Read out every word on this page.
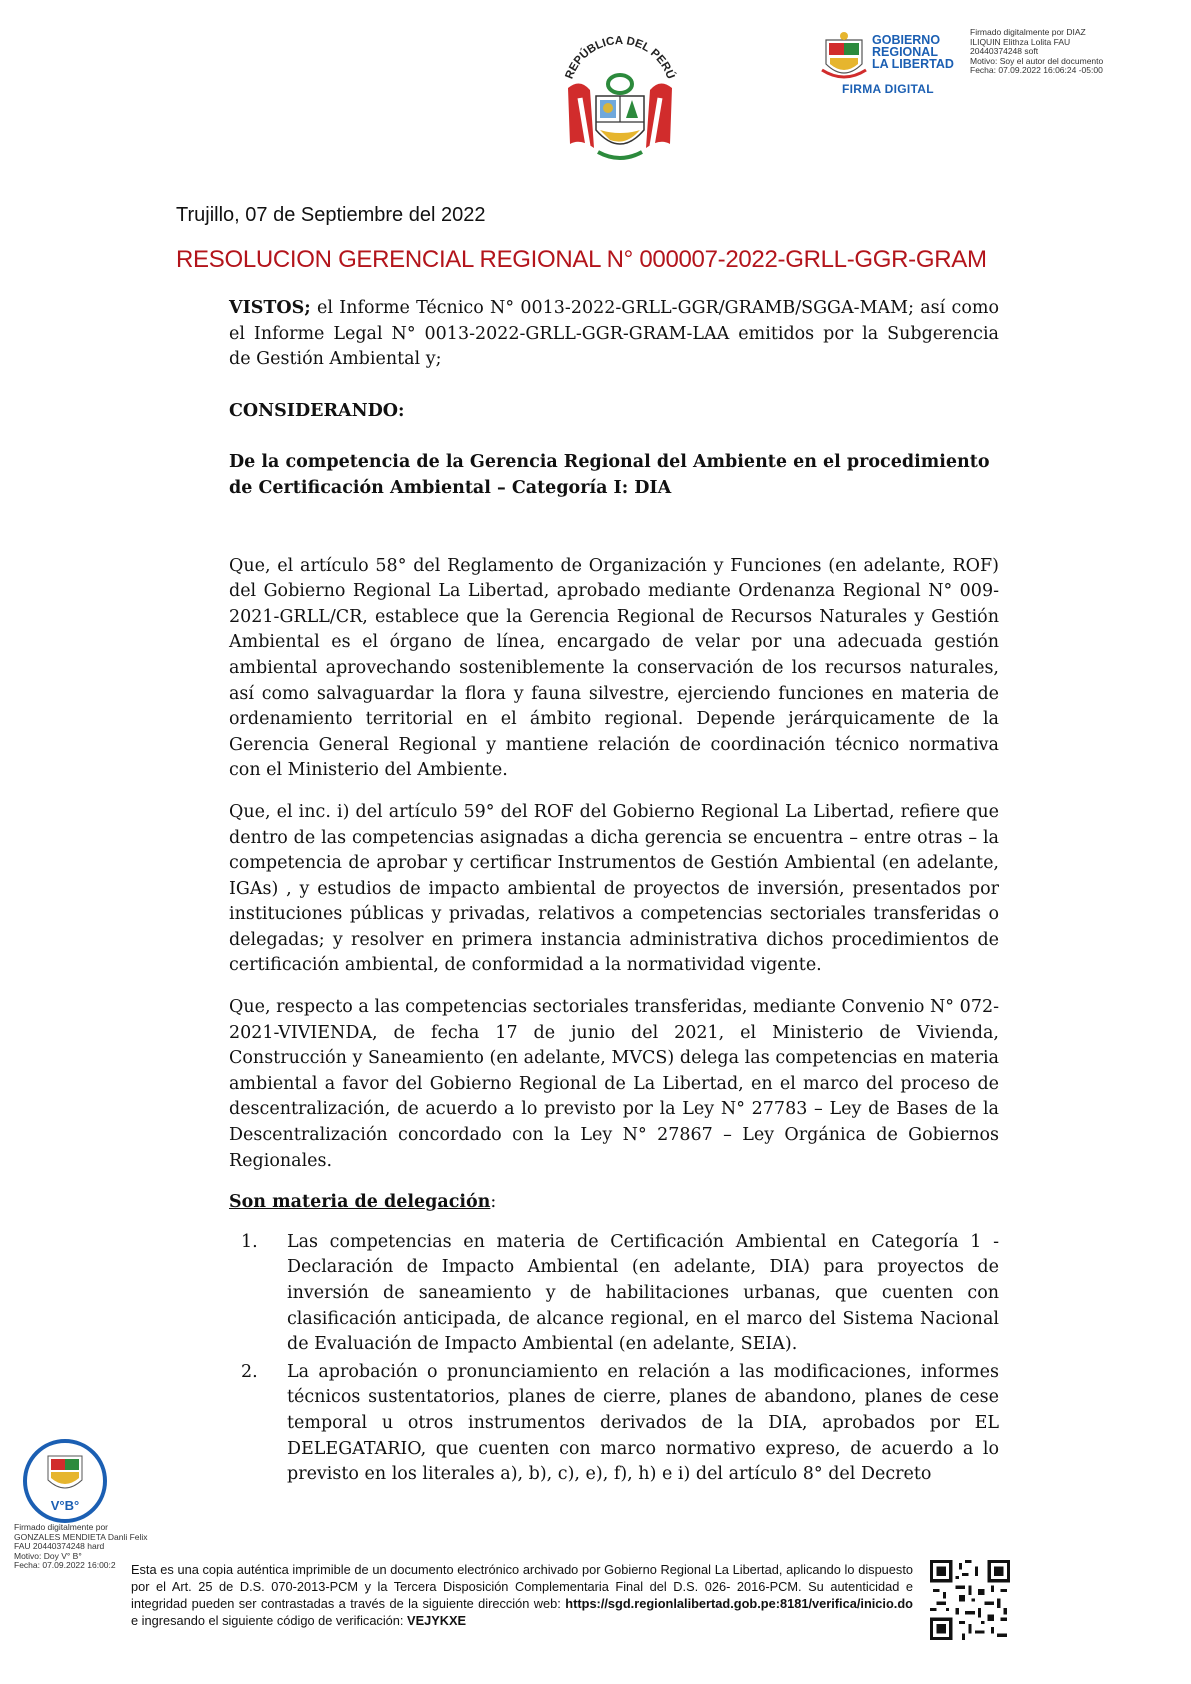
REPÚBLICA DEL PERÚ
GOBIERNO
REGIONAL
LA LIBERTAD
FIRMA DIGITAL
Firmado digitalmente por DIAZ
ILIQUIN Elithza Lolita FAU
20440374248 soft
Motivo: Soy el autor del documento
Fecha: 07.09.2022 16:06:24 -05:00
Trujillo, 07 de Septiembre del 2022
RESOLUCION GERENCIAL REGIONAL N° 000007-2022-GRLL-GGR-GRAM

VISTOS; el Informe Técnico N° 0013-2022-GRLL-GGR/GRAMB/SGGA-MAM; así como el Informe Legal N° 0013-2022-GRLL-GGR-GRAM-LAA emitidos por la Subgerencia de Gestión Ambiental y;

CONSIDERANDO:

De la competencia de la Gerencia Regional del Ambiente en el procedimiento de Certificación Ambiental – Categoría I: DIA

Que, el artículo 58° del Reglamento de Organización y Funciones (en adelante, ROF) del Gobierno Regional La Libertad, aprobado mediante Ordenanza Regional N° 009-2021-GRLL/CR, establece que la Gerencia Regional de Recursos Naturales y Gestión Ambiental es el órgano de línea, encargado de velar por una adecuada gestión ambiental aprovechando sosteniblemente la conservación de los recursos naturales, así como salvaguardar la flora y fauna silvestre, ejerciendo funciones en materia de ordenamiento territorial en el ámbito regional. Depende jerárquicamente de la Gerencia General Regional y mantiene relación de coordinación técnico normativa con el Ministerio del Ambiente.

Que, el inc. i) del artículo 59° del ROF del Gobierno Regional La Libertad, refiere que dentro de las competencias asignadas a dicha gerencia se encuentra – entre otras – la competencia de aprobar y certificar Instrumentos de Gestión Ambiental (en adelante, IGAs) , y estudios de impacto ambiental de proyectos de inversión, presentados por instituciones públicas y privadas, relativos a competencias sectoriales transferidas o delegadas; y resolver en primera instancia administrativa dichos procedimientos de certificación ambiental, de conformidad a la normatividad vigente.

Que, respecto a las competencias sectoriales transferidas, mediante Convenio N° 072-2021-VIVIENDA, de fecha 17 de junio del 2021, el Ministerio de Vivienda, Construcción y Saneamiento (en adelante, MVCS) delega las competencias en materia ambiental a favor del Gobierno Regional de La Libertad, en el marco del proceso de descentralización, de acuerdo a lo previsto por la Ley N° 27783 – Ley de Bases de la Descentralización concordado con la Ley N° 27867 – Ley Orgánica de Gobiernos Regionales.

Son materia de delegación:

1. Las competencias en materia de Certificación Ambiental en Categoría 1 - Declaración de Impacto Ambiental (en adelante, DIA) para proyectos de inversión de saneamiento y de habilitaciones urbanas, que cuenten con clasificación anticipada, de alcance regional, en el marco del Sistema Nacional de Evaluación de Impacto Ambiental (en adelante, SEIA).
2. La aprobación o pronunciamiento en relación a las modificaciones, informes técnicos sustentatorios, planes de cierre, planes de abandono, planes de cese temporal u otros instrumentos derivados de la DIA, aprobados por EL DELEGATARIO, que cuenten con marco normativo expreso, de acuerdo a lo previsto en los literales a), b), c), e), f), h) e i) del artículo 8° del Decreto
V°B°
Firmado digitalmente por
GONZALES MENDIETA Danli Felix
FAU 20440374248 hard
Motivo: Doy V° B°
Fecha: 07.09.2022 16:00:2	Esta es una copia auténtica imprimible de un documento electrónico archivado por Gobierno Regional La Libertad, aplicando lo dispuesto por el Art. 25 de D.S. 070-2013-PCM y la Tercera Disposición Complementaria Final del D.S. 026- 2016-PCM. Su autenticidad e integridad pueden ser contrastadas a través de la siguiente dirección web: https://sgd.regionlalibertad.gob.pe:8181/verifica/inicio.do e ingresando el siguiente código de verificación: VEJYKXE
